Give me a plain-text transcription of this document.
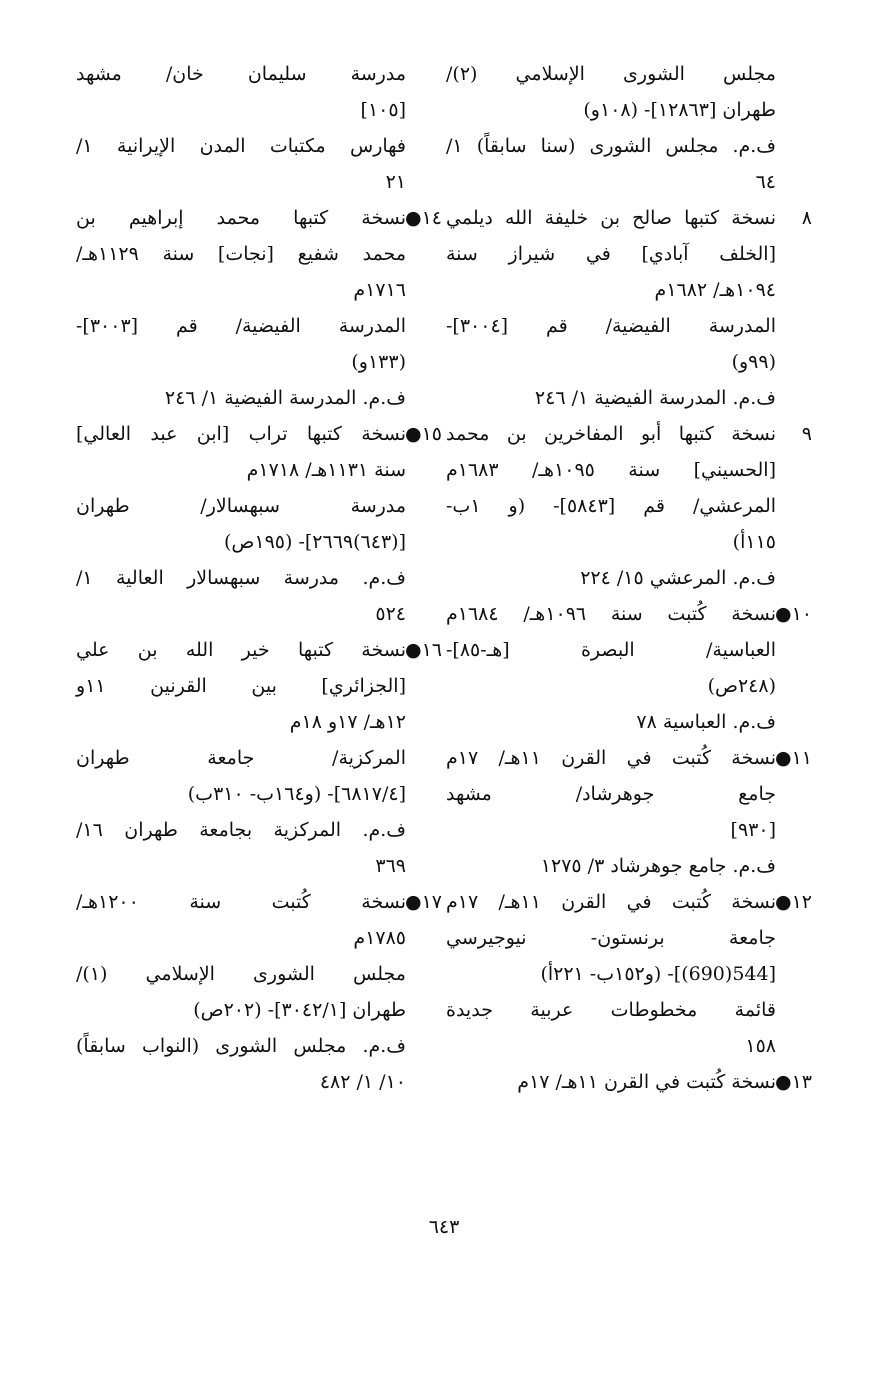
مجلس الشورى الإسلامي (٢)/
طهران [١٢٨٦٣]- (١٠٨و)
ف.م. مجلس الشورى (سنا سابقاً) ١/
٦٤
٨
نسخة كتبها صالح بن خليفة الله ديلمي
[الخلف آبادي] في شيراز سنة
١٠٩٤هـ/ ١٦٨٢م
المدرسة الفيضية/ قم [٣٠٠٤]-
(٩٩و)
ف.م. المدرسة الفيضية ١/ ٢٤٦
٩
نسخة كتبها أبو المفاخرين بن محمد
[الحسيني] سنة ١٠٩٥هـ/ ١٦٨٣م
المرعشي/ قم [٥٨٤٣]- (و ١ب-
١١٥أ)
ف.م. المرعشي ١٥/ ٢٢٤
١٠●
نسخة كُتبت سنة ١٠٩٦هـ/ ١٦٨٤م
العباسية/ البصرة [هـ-٨٥]-
(٢٤٨ص)
ف.م. العباسية ٧٨
١١●
نسخة كُتبت في القرن ١١هـ/ ١٧م
جامع جوهرشاد/ مشهد
[٩٣٠]
ف.م. جامع جوهرشاد ٣/ ١٢٧٥
١٢●
نسخة كُتبت في القرن ١١هـ/ ١٧م
جامعة برنستون- نيوجيرسي
[544(690)]- (و١٥٢ب- ٢٢١أ)
قائمة مخطوطات عربية جديدة
١٥٨
١٣●
نسخة كُتبت في القرن ١١هـ/ ١٧م
مدرسة سليمان خان/ مشهد
[١٠٥]
فهارس مكتبات المدن الإيرانية ١/
٢١
١٤●
نسخة كتبها محمد إبراهيم بن
محمد شفيع [نجات] سنة ١١٢٩هـ/
١٧١٦م
المدرسة الفيضية/ قم [٣٠٠٣]-
(١٣٣و)
ف.م. المدرسة الفيضية ١/ ٢٤٦
١٥●
نسخة كتبها تراب [ابن عبد العالي]
سنة ١١٣١هـ/ ١٧١٨م
مدرسة سبهسالار/ طهران
[(٦٤٣)٢٦٦٩]- (١٩٥ص)
ف.م. مدرسة سبهسالار العالية ١/
٥٢٤
١٦●
نسخة كتبها خير الله بن علي
[الجزائري] بين القرنين ١١و
١٢هـ/ ١٧و ١٨م
المركزية/ جامعة طهران
[٦٨١٧/٤]- (و١٦٤ب- ٣١٠ب)
ف.م. المركزية بجامعة طهران ١٦/
٣٦٩
١٧●
نسخة كُتبت سنة ١٢٠٠هـ/
١٧٨٥م
مجلس الشورى الإسلامي (١)/
طهران [٣٠٤٢/١]- (٢٠٢ص)
ف.م. مجلس الشورى (النواب سابقاً)
١٠/ ١/ ٤٨٢
٦٤٣
